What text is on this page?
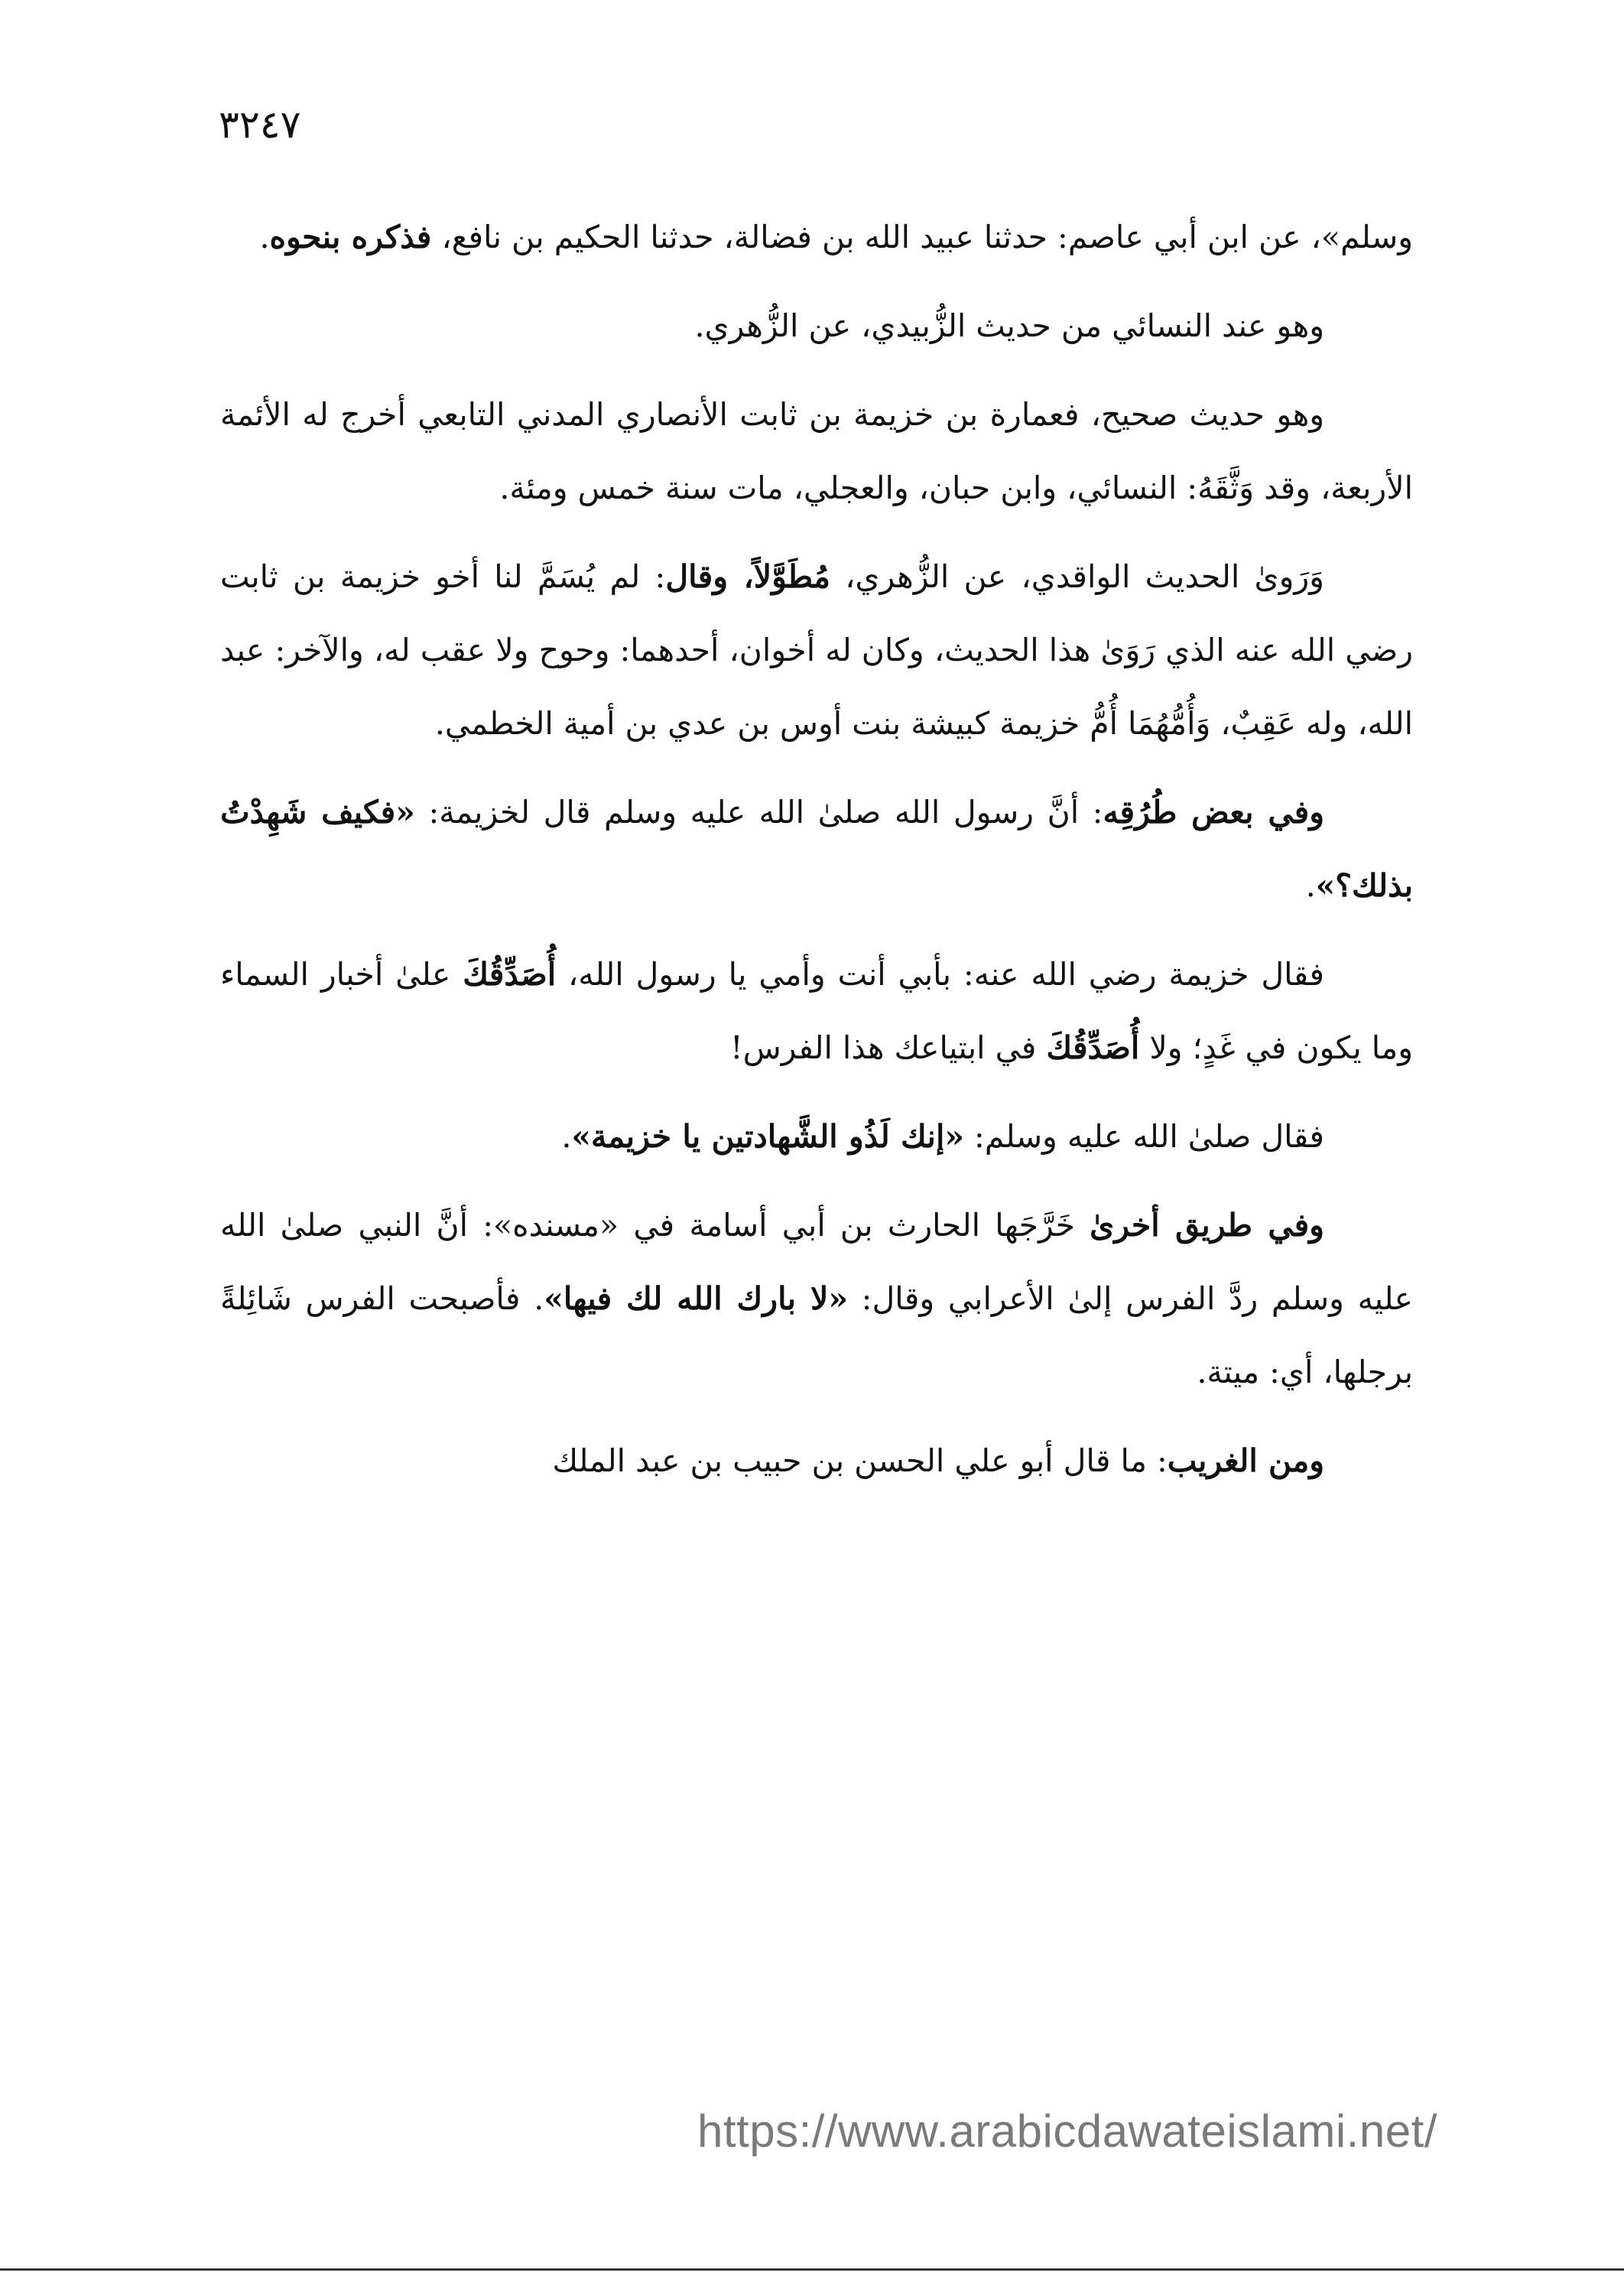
٣٢٤٧

وسلم»، عن ابن أبي عاصم: حدثنا عبيد الله بن فضالة، حدثنا الحكيم بن نافع، فذكره بنحوه.

وهو عند النسائي من حديث الزُّبيدي، عن الزُّهري.

وهو حديث صحيح، فعمارة بن خزيمة بن ثابت الأنصاري المدني التابعي أخرج له الأئمة الأربعة، وقد وَثَّقَهُ: النسائي، وابن حبان، والعجلي، مات سنة خمس ومئة.

وَرَوىٰ الحديث الواقدي، عن الزُّهري، مُطَوَّلاً، وقال: لم يُسَمَّ لنا أخو خزيمة بن ثابت رضي الله عنه الذي رَوَىٰ هذا الحديث، وكان له أخوان، أحدهما: وحوح ولا عقب له، والآخر: عبد الله، وله عَقِبٌ، وَأُمُّهُمَا أُمُّ خزيمة كبيشة بنت أوس بن عدي بن أمية الخطمي.

وفي بعض طُرُقِه: أنَّ رسول الله صلىٰ الله عليه وسلم قال لخزيمة: «فكيف شَهِدْتُ بذلك؟».

فقال خزيمة رضي الله عنه: بأبي أنت وأمي يا رسول الله، أُصَدِّقُكَ علىٰ أخبار السماء وما يكون في غَدٍ؛ ولا أُصَدِّقُكَ في ابتياعك هذا الفرس!

فقال صلىٰ الله عليه وسلم: «إنك لَذُو الشَّهادتين يا خزيمة».

وفي طريق أخرىٰ خَرَّجَها الحارث بن أبي أسامة في «مسنده»: أنَّ النبي صلىٰ الله عليه وسلم ردَّ الفرس إلىٰ الأعرابي وقال: «لا بارك الله لك فيها». فأصبحت الفرس شَائِلةً برجلها، أي: ميتة.

ومن الغريب: ما قال أبو علي الحسن بن حبيب بن عبد الملك

https://www.arabicdawateislami.net/
